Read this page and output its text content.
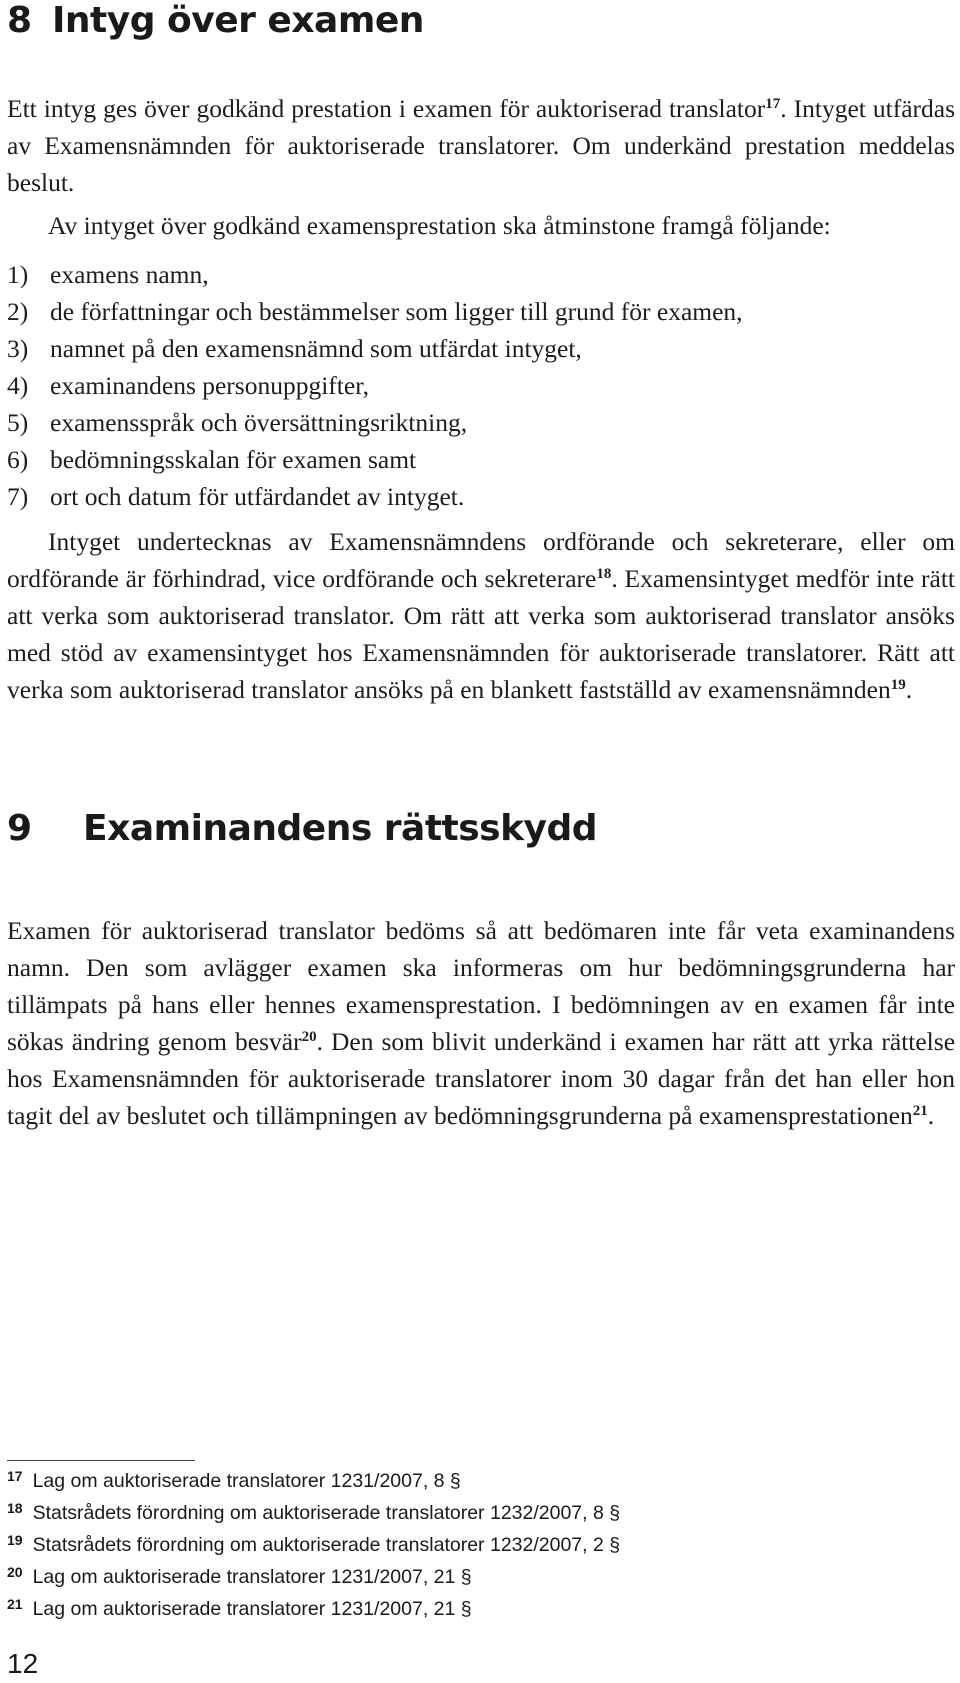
8 Intyg över examen

Ett intyg ges över godkänd prestation i examen för auktoriserad translator$^{17}$. Intyget utfärdas av Examensnämnden för auktoriserade translatorer. Om underkänd prestation meddelas beslut.

Av intyget över godkänd examensprestation ska åtminstone framgå följande:

1) examens namn,
2) de författningar och bestämmelser som ligger till grund för examen,
3) namnet på den examensnämnd som utfärdat intyget,
4) examinandens personuppgifter,
5) examensspråk och översättningsriktning,
6) bedömningsskalan för examen samt
7) ort och datum för utfärdandet av intyget.

Intyget undertecknas av Examensnämndens ordförande och sekreterare, eller om ordförande är förhindrad, vice ordförande och sekreterare$^{18}$. Examensintyget medför inte rätt att verka som auktoriserad translator. Om rätt att verka som auktoriserad translator ansöks med stöd av examensintyget hos Examensnämnden för auktoriserade translatorer. Rätt att verka som auktoriserad translator ansöks på en blankett fastställd av examensnämnden$^{19}$.

9 Examinandens rättsskydd

Examen för auktoriserad translator bedöms så att bedömaren inte får veta examinandens namn. Den som avlägger examen ska informeras om hur bedömningsgrunderna har tillämpats på hans eller hennes examensprestation. I bedömningen av en examen får inte sökas ändring genom besvär$^{20}$. Den som blivit underkänd i examen har rätt att yrka rättelse hos Examensnämnden för auktoriserade translatorer inom 30 dagar från det han eller hon tagit del av beslutet och tillämpningen av bedömningsgrunderna på examensprestationen$^{21}$.

17 Lag om auktoriserade translatorer 1231/2007, 8 §
18 Statsrådets förordning om auktoriserade translatorer 1232/2007, 8 §
19 Statsrådets förordning om auktoriserade translatorer 1232/2007, 2 §
20 Lag om auktoriserade translatorer 1231/2007, 21 §
21 Lag om auktoriserade translatorer 1231/2007, 21 §

12
